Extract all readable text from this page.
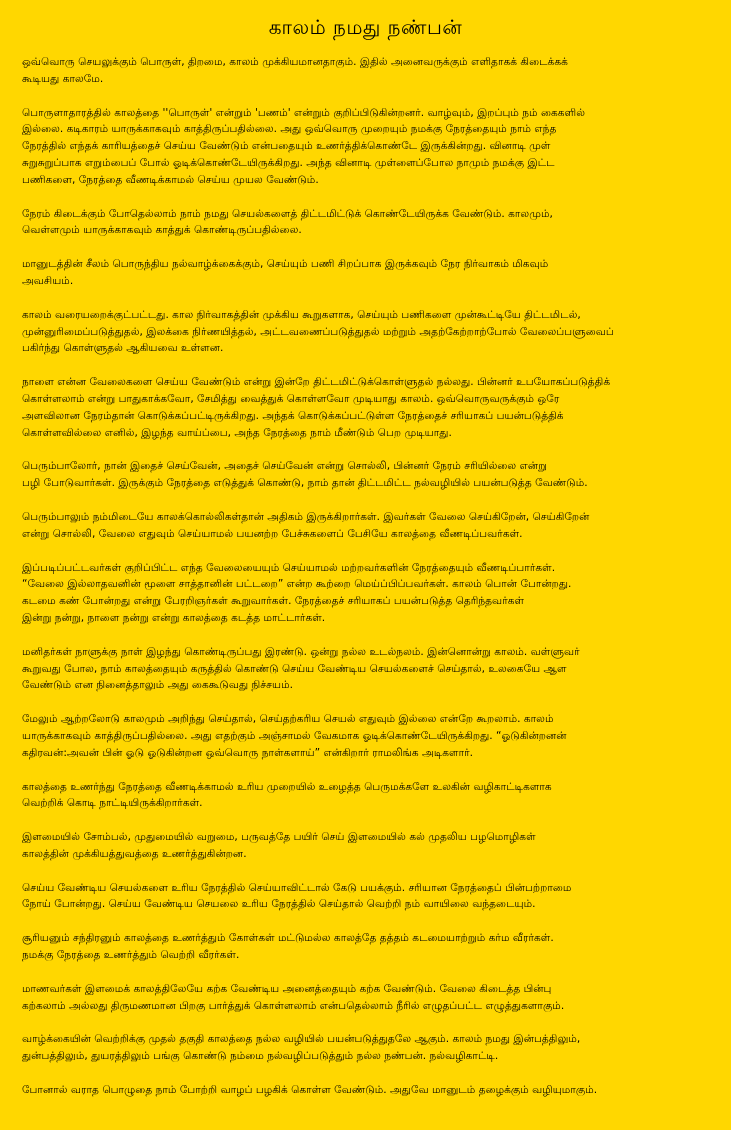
காலம் நமது நண்பன்

ஒவ்வொரு செயலுக்கும் பொருள், திறமை, காலம் முக்கியமானதாகும். இதில் அனைவருக்கும் எளிதாகக் கிடைக்கக்
கூடியது காலமே.

பொருளாதாரத்தில் காலத்தை ''பொருள்' என்றும் 'பணம்' என்றும் குறிப்பிடுகின்றனர். வாழ்வும், இறப்பும் நம் கைகளில்
இல்லை. கடிகாரம் யாருக்காகவும் காத்திருப்பதில்லை. அது ஒவ்வொரு முறையும் நமக்கு நேரத்தையும் நாம் எந்த
நேரத்தில் எந்தக் காரியத்தைச் செய்ய வேண்டும் என்பதையும் உணர்த்திக்கொண்டே இருக்கின்றது. வினாடி முள்
சுறுசுறுப்பாக எறும்பைப் போல் ஓடிக்கொண்டேயிருக்கிறது. அந்த வினாடி முள்ளைப்போல நாமும் நமக்கு இட்ட
பணிகளை, நேரத்தை வீணடிக்காமல் செய்ய முயல வேண்டும்.

நேரம் கிடைக்கும் போதெல்லாம் நாம் நமது செயல்களைத் திட்டமிட்டுக் கொண்டேயிருக்க வேண்டும். காலமும்,
வெள்ளமும் யாருக்காகவும் காத்துக் கொண்டிருப்பதில்லை.

மானுடத்தின் சீலம் பொருந்திய நல்வாழ்க்கைக்கும், செய்யும் பணி சிறப்பாக இருக்கவும் நேர நிர்வாகம் மிகவும்
அவசியம்.

காலம் வரையறைக்குட்பட்டது. கால நிர்வாகத்தின் முக்கிய கூறுகளாக, செய்யும் பணிகளை முன்கூட்டியே திட்டமிடல்,
முன்னுரிமைப்படுத்துதல், இலக்கை நிர்ணயித்தல், அட்டவணைப்படுத்துதல் மற்றும் அதற்கேற்றாற்போல் வேலைப்பளுவைப்
பகிர்ந்து கொள்ளுதல் ஆகியவை உள்ளன.

நாளை என்ன வேலைகளை செய்ய வேண்டும் என்று இன்றே திட்டமிட்டுக்கொள்ளுதல் நல்லது. பின்னர் உபயோகப்படுத்திக்
கொள்ளலாம் என்று பாதுகாக்கவோ, சேமித்து வைத்துக் கொள்ளவோ முடியாது காலம். ஒவ்வொருவருக்கும் ஒரே
அளவிலான நேரம்தான் கொடுக்கப்பட்டிருக்கிறது. அந்தக் கொடுக்கப்பட்டுள்ள நேரத்தைச் சரியாகப் பயன்படுத்திக்
கொள்ளவில்லை எனில், இழந்த வாய்ப்பை, அந்த நேரத்தை நாம் மீண்டும் பெற முடியாது.

பெரும்பாலோர், நான் இதைச் செய்வேன், அதைச் செய்வேன் என்று சொல்லி, பின்னர் நேரம் சரியில்லை என்று
பழி போடுவார்கள். இருக்கும் நேரத்தை எடுத்துக் கொண்டு, நாம் தான் திட்டமிட்ட நல்வழியில் பயன்படுத்த வேண்டும்.

பெரும்பாலும் நம்மிடையே காலக்கொல்லிகள்தான் அதிகம் இருக்கிறார்கள். இவர்கள் வேலை செய்கிறேன், செய்கிறேன்
என்று சொல்லி, வேலை எதுவும் செய்யாமல் பயனற்ற பேச்சுகளைப் பேசியே காலத்தை வீணடிப்பவர்கள்.

இப்படிப்பட்டவர்கள் குறிப்பிட்ட எந்த வேலையையும் செய்யாமல் மற்றவர்களின் நேரத்தையும் வீணடிப்பார்கள்.
“வேலை இல்லாதவனின் மூளை சாத்தானின் பட்டறை” என்ற கூற்றை மெய்ப்பிப்பவர்கள். காலம் பொன் போன்றது.
கடமை கண் போன்றது என்று பேரறிஞர்கள் கூறுவார்கள். நேரத்தைச் சரியாகப் பயன்படுத்த தெரிந்தவர்கள்
இன்று நன்று, நாளை நன்று என்று காலத்தை கடத்த மாட்டார்கள்.

மனிதர்கள் நாளுக்கு நாள் இழந்து கொண்டிருப்பது இரண்டு. ஒன்று நல்ல உடல்நலம். இன்னொன்று காலம். வள்ளுவர்
கூறுவது போல, நாம் காலத்தையும் கருத்தில் கொண்டு செய்ய வேண்டிய செயல்களைச் செய்தால், உலகையே ஆள
வேண்டும் என நினைத்தாலும் அது கைகூடுவது நிச்சயம்.

மேலும் ஆற்றலோடு காலமும் அறிந்து செய்தால், செய்தற்கரிய செயல் எதுவும் இல்லை என்றே கூறலாம். காலம்
யாருக்காகவும் காத்திருப்பதில்லை. அது எதற்கும் அஞ்சாமல் வேகமாக ஓடிக்கொண்டேயிருக்கிறது. “ஓடுகின்றனன்
கதிரவன்:அவன் பின் ஓடு ஓடுகின்றன ஒவ்வொரு நாள்களாய்” என்கிறார் ராமலிங்க அடிகளார்.

காலத்தை உணர்ந்து நேரத்தை வீணடிக்காமல் உரிய முறையில் உழைத்த பெருமக்களே உலகின் வழிகாட்டிகளாக
வெற்றிக் கொடி நாட்டியிருக்கிறார்கள்.

இளமையில் சோம்பல், முதுமையில் வறுமை, பருவத்தே பயிர் செய் இளமையில் கல் முதலிய பழமொழிகள்
காலத்தின் முக்கியத்துவத்தை உணர்த்துகின்றன.

செய்ய வேண்டிய செயல்களை உரிய நேரத்தில் செய்யாவிட்டால் கேடு பயக்கும். சரியான நேரத்தைப் பின்பற்றாமை
நோய் போன்றது. செய்ய வேண்டிய செயலை உரிய நேரத்தில் செய்தால் வெற்றி நம் வாயிலை வந்தடையும்.

சூரியனும் சந்திரனும் காலத்தை உணர்த்தும் கோள்கள் மட்டுமல்ல காலத்தே தத்தம் கடமையாற்றும் கர்ம வீரர்கள்.
நமக்கு நேரத்தை உணர்த்தும் வெற்றி வீரர்கள்.

மாணவர்கள் இளமைக் காலத்திலேயே கற்க வேண்டிய அனைத்தையும் கற்க வேண்டும். வேலை கிடைத்த பின்பு
கற்கலாம் அல்லது திருமணமான பிறகு பார்த்துக் கொள்ளலாம் என்பதெல்லாம் நீரில் எழுதப்பட்ட எழுத்துகளாகும்.

வாழ்க்கையின் வெற்றிக்கு முதல் தகுதி காலத்தை நல்ல வழியில் பயன்படுத்துதலே ஆகும். காலம் நமது இன்பத்திலும்,
துன்பத்திலும், துயரத்திலும் பங்கு கொண்டு நம்மை நல்வழிப்படுத்தும் நல்ல நண்பன். நல்வழிகாட்டி.

போனால் வராத பொழுதை நாம் போற்றி வாழப் பழகிக் கொள்ள வேண்டும். அதுவே மானுடம் தழைக்கும் வழியுமாகும்.
